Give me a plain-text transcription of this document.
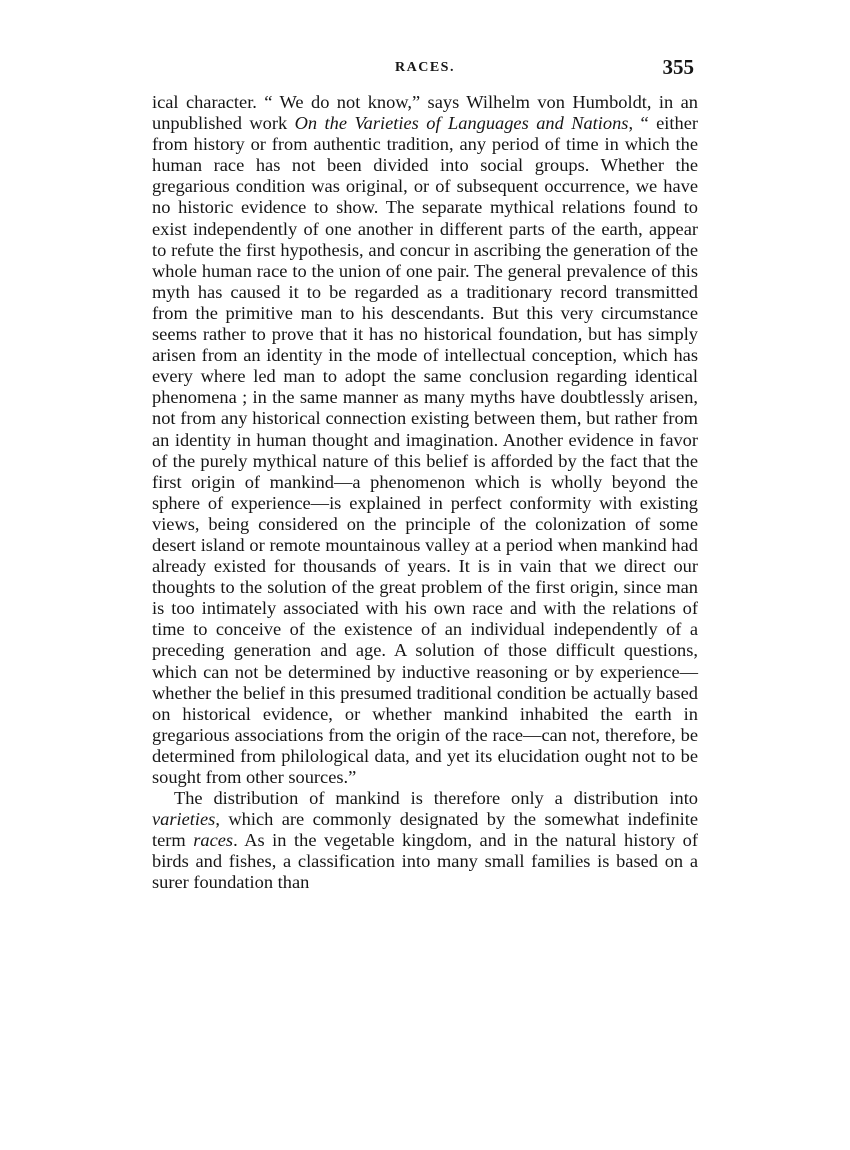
RACES.	355

ical character. “ We do not know,” says Wilhelm von Humboldt, in an unpublished work On the Varieties of Languages and Nations, “ either from history or from authentic tradition, any period of time in which the human race has not been divided into social groups. Whether the gregarious condition was original, or of subsequent occurrence, we have no historic evidence to show. The separate mythical relations found to exist independently of one another in different parts of the earth, appear to refute the first hypothesis, and concur in ascribing the generation of the whole human race to the union of one pair. The general prevalence of this myth has caused it to be regarded as a traditionary record transmitted from the primitive man to his descendants. But this very circumstance seems rather to prove that it has no historical foundation, but has simply arisen from an identity in the mode of intellectual conception, which has every where led man to adopt the same conclusion regarding identical phenomena ; in the same manner as many myths have doubtlessly arisen, not from any historical connection existing between them, but rather from an identity in human thought and imagination. Another evidence in favor of the purely mythical nature of this belief is afforded by the fact that the first origin of mankind—a phenomenon which is wholly beyond the sphere of experience—is explained in perfect conformity with existing views, being considered on the principle of the colonization of some desert island or remote mountainous valley at a period when mankind had already existed for thousands of years. It is in vain that we direct our thoughts to the solution of the great problem of the first origin, since man is too intimately associated with his own race and with the relations of time to conceive of the existence of an individual independently of a preceding generation and age. A solution of those difficult questions, which can not be determined by inductive reasoning or by experience—whether the belief in this presumed traditional condition be actually based on historical evidence, or whether mankind inhabited the earth in gregarious associations from the origin of the race—can not, therefore, be determined from philological data, and yet its elucidation ought not to be sought from other sources.”

The distribution of mankind is therefore only a distribution into varieties, which are commonly designated by the somewhat indefinite term races. As in the vegetable kingdom, and in the natural history of birds and fishes, a classification into many small families is based on a surer foundation than
